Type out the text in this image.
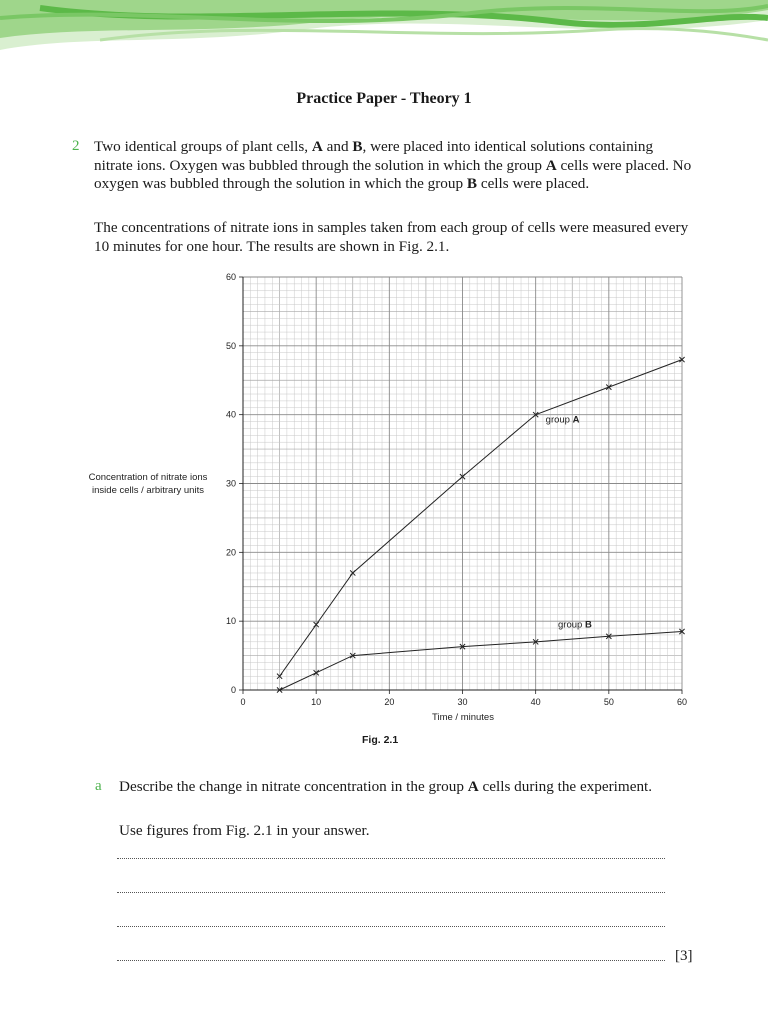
Practice Paper - Theory 1
2 Two identical groups of plant cells, A and B, were placed into identical solutions containing nitrate ions. Oxygen was bubbled through the solution in which the group A cells were placed. No oxygen was bubbled through the solution in which the group B cells were placed.

The concentrations of nitrate ions in samples taken from each group of cells were measured every 10 minutes for one hour. The results are shown in Fig. 2.1.

0	10	20	30	40	50	60
0
10
20
30
40
50
60
group A
group B
Time / minutes
Concentration of nitrate ions
inside cells / arbitrary units
Fig. 2.1
a Describe the change in nitrate concentration in the group A cells during the experiment.

Use figures from Fig. 2.1 in your answer.

[3]
